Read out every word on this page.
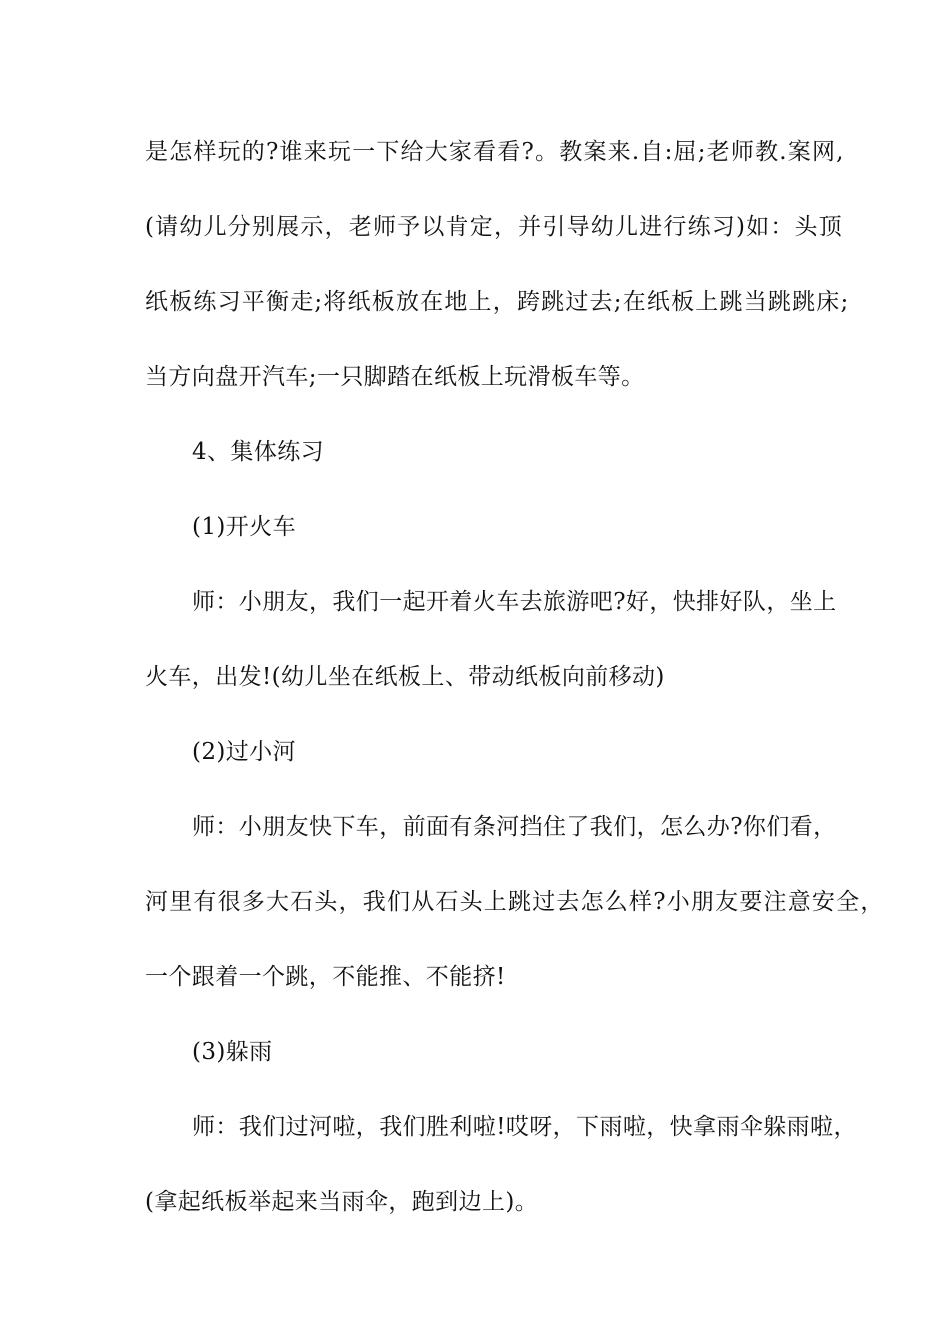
是怎样玩的?谁来玩一下给大家看看?。教案来.自:屈;老师教.案网,
(请幼儿分别展示，老师予以肯定，并引导幼儿进行练习)如：头顶
纸板练习平衡走;将纸板放在地上，跨跳过去;在纸板上跳当跳跳床;
当方向盘开汽车;一只脚踏在纸板上玩滑板车等。
4、集体练习
(1)开火车
师：小朋友，我们一起开着火车去旅游吧?好，快排好队，坐上
火车，出发!(幼儿坐在纸板上、带动纸板向前移动)
(2)过小河
师：小朋友快下车，前面有条河挡住了我们，怎么办?你们看，
河里有很多大石头，我们从石头上跳过去怎么样?小朋友要注意安全，
一个跟着一个跳，不能推、不能挤!
(3)躲雨
师：我们过河啦，我们胜利啦!哎呀，下雨啦，快拿雨伞躲雨啦，
(拿起纸板举起来当雨伞，跑到边上)。
